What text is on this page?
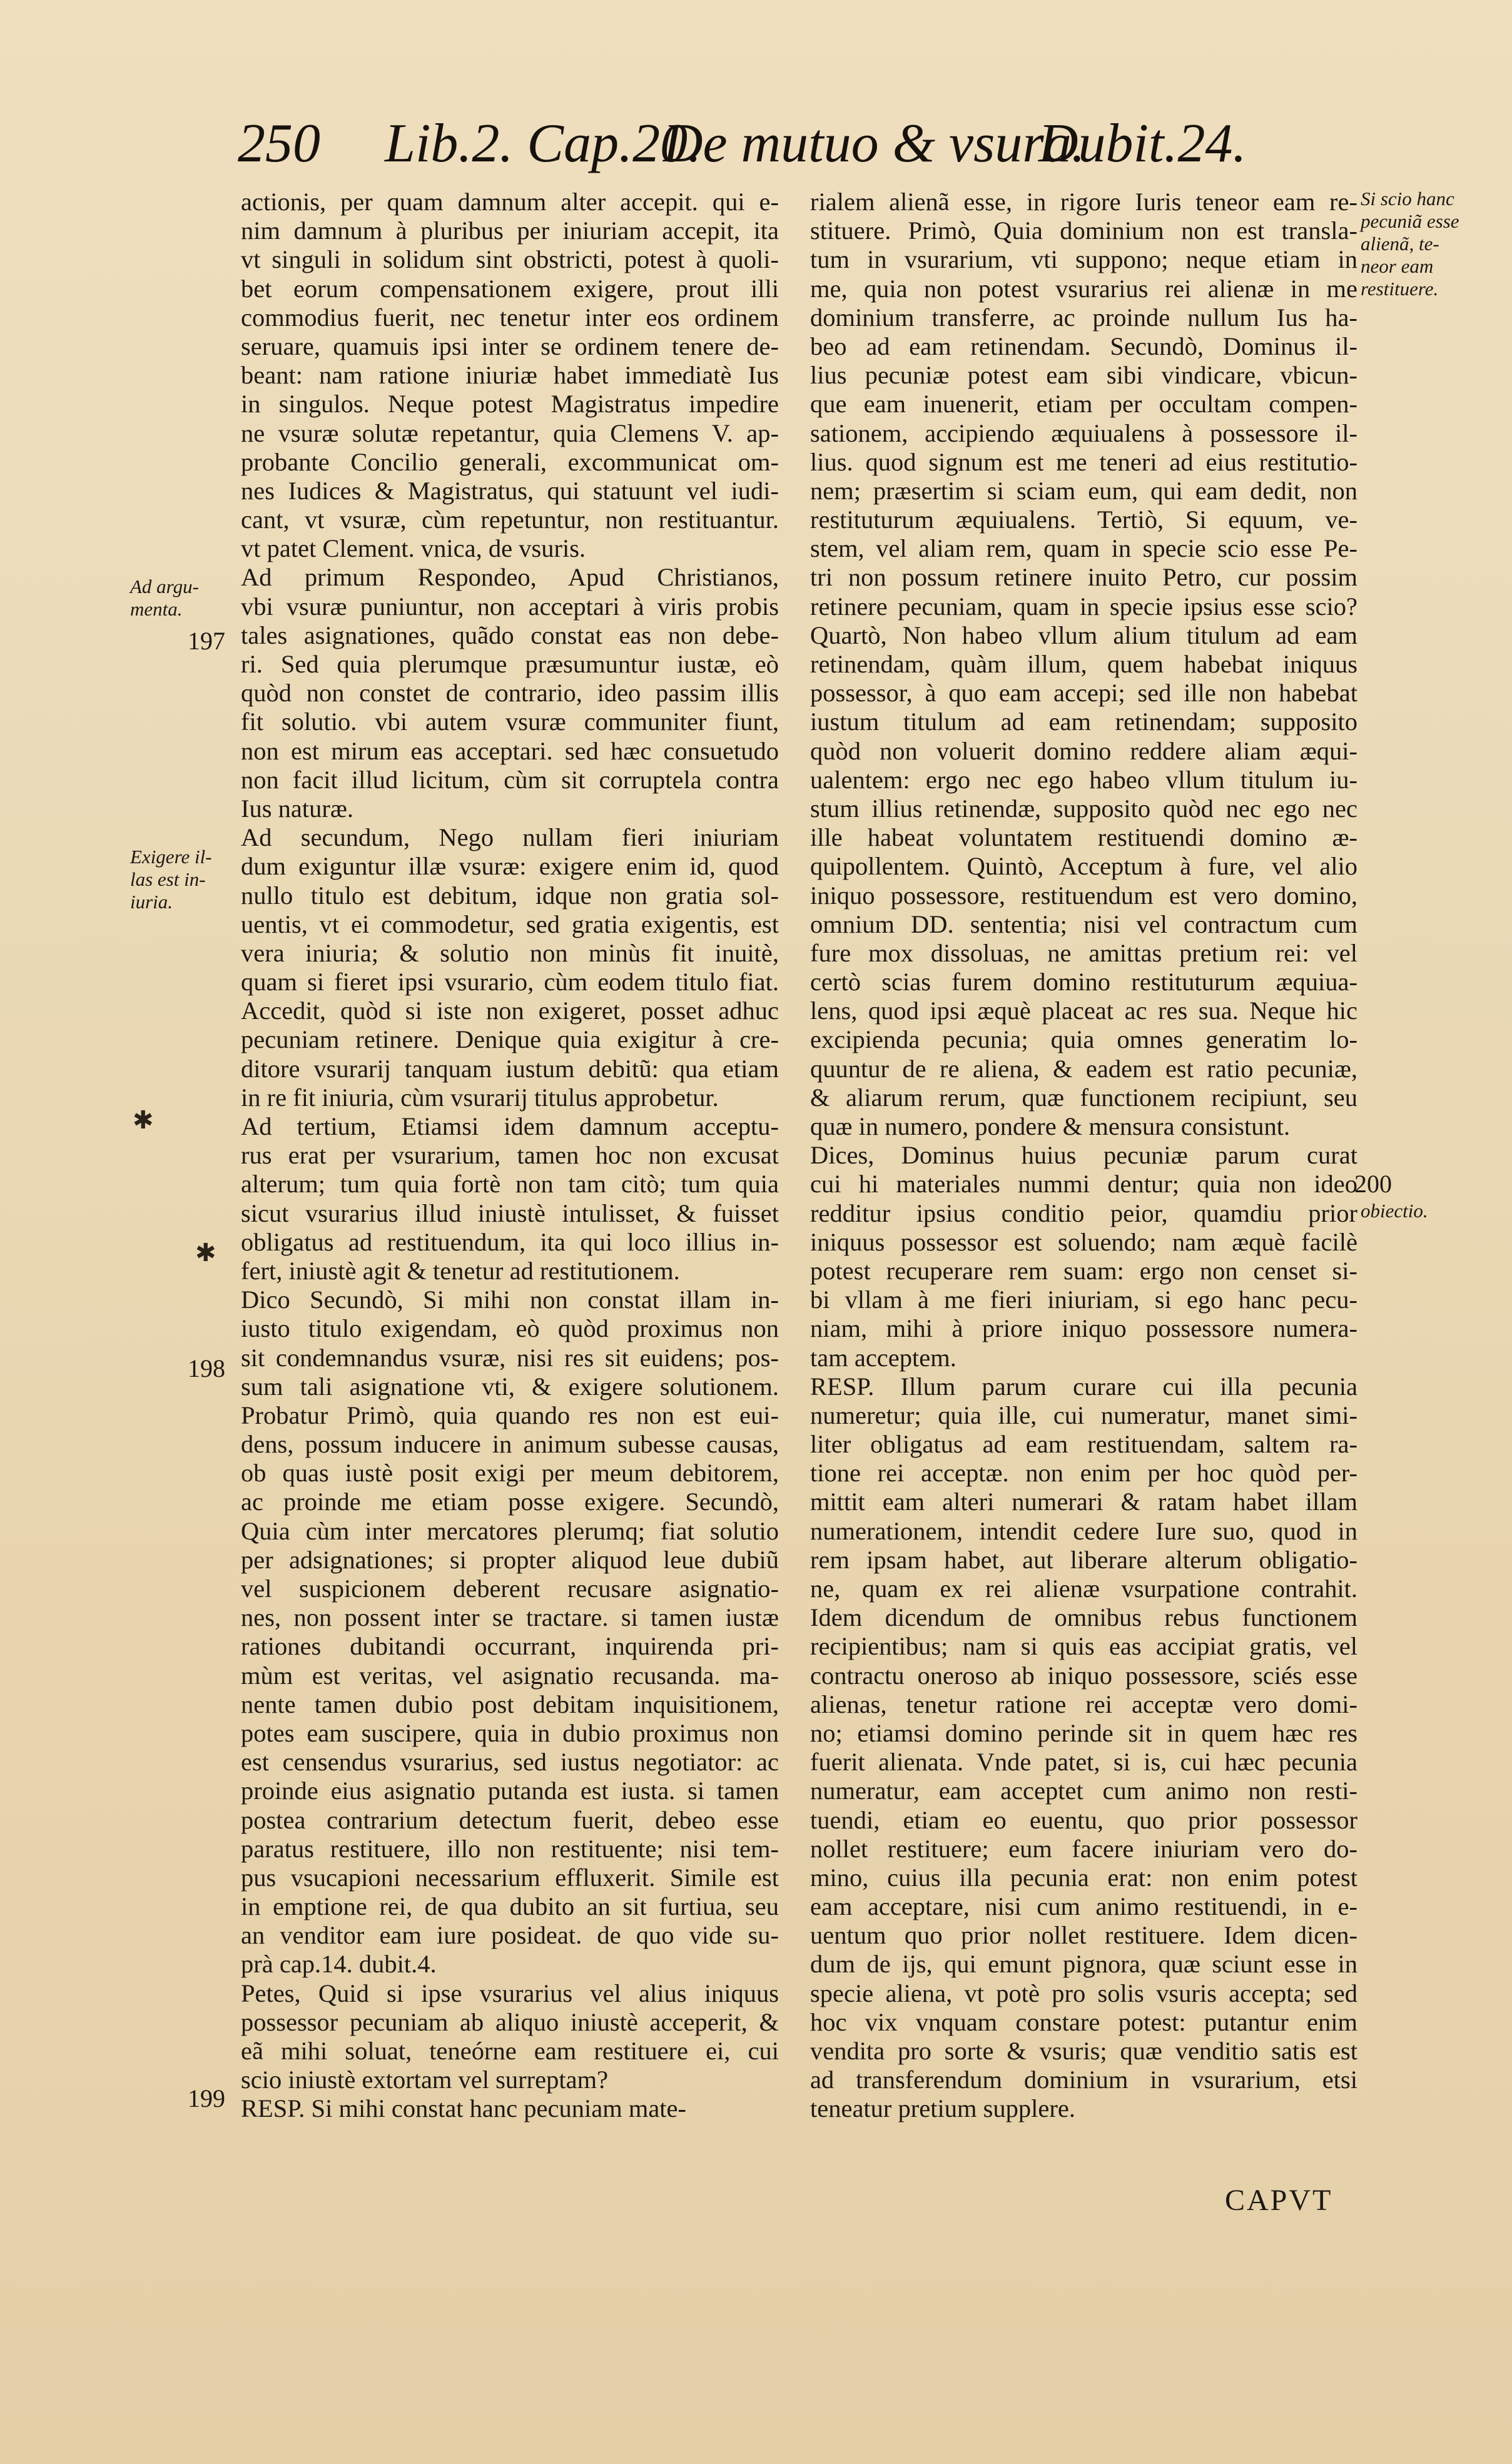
250 Lib.2. Cap.20.
De mutuo & vsura.
Dubit.24.

actionis, per quam damnum alter accepit. qui e-

nim damnum à pluribus per iniuriam accepit, ita

vt singuli in solidum sint obstricti, potest à quoli-

bet eorum compensationem exigere, prout illi

commodius fuerit, nec tenetur inter eos ordinem

seruare, quamuis ipsi inter se ordinem tenere de-

beant: nam ratione iniuriæ habet immediatè Ius

in singulos. Neque potest Magistratus impedire

ne vsuræ solutæ repetantur, quia Clemens V. ap-

probante Concilio generali, excommunicat om-

nes Iudices & Magistratus, qui statuunt vel iudi-

cant, vt vsuræ, cùm repetuntur, non restituantur.

vt patet Clement. vnica, de vsuris.

Ad primum Respondeo, Apud Christianos,

vbi vsuræ puniuntur, non acceptari à viris probis

tales asignationes, quãdo constat eas non debe-

ri. Sed quia plerumque præsumuntur iustæ, eò

quòd non constet de contrario, ideo passim illis

fit solutio. vbi autem vsuræ communiter fiunt,

non est mirum eas acceptari. sed hæc consuetudo

non facit illud licitum, cùm sit corruptela contra

Ius naturæ.

Ad secundum, Nego nullam fieri iniuriam

dum exiguntur illæ vsuræ: exigere enim id, quod

nullo titulo est debitum, idque non gratia sol-

uentis, vt ei commodetur, sed gratia exigentis, est

vera iniuria; & solutio non minùs fit inuitè,

quam si fieret ipsi vsurario, cùm eodem titulo fiat.

Accedit, quòd si iste non exigeret, posset adhuc

pecuniam retinere. Denique quia exigitur à cre-

ditore vsurarij tanquam iustum debitũ: qua etiam

in re fit iniuria, cùm vsurarij titulus approbetur.

Ad tertium, Etiamsi idem damnum acceptu-

rus erat per vsurarium, tamen hoc non excusat

alterum; tum quia fortè non tam citò; tum quia

sicut vsurarius illud iniustè intulisset, & fuisset

obligatus ad restituendum, ita qui loco illius in-

fert, iniustè agit & tenetur ad restitutionem.

Dico Secundò, Si mihi non constat illam in-

iusto titulo exigendam, eò quòd proximus non

sit condemnandus vsuræ, nisi res sit euidens; pos-

sum tali asignatione vti, & exigere solutionem.

Probatur Primò, quia quando res non est eui-

dens, possum inducere in animum subesse causas,

ob quas iustè posit exigi per meum debitorem,

ac proinde me etiam posse exigere. Secundò,

Quia cùm inter mercatores plerumq; fiat solutio

per adsignationes; si propter aliquod leue dubiũ

vel suspicionem deberent recusare asignatio-

nes, non possent inter se tractare. si tamen iustæ

rationes dubitandi occurrant, inquirenda pri-

mùm est veritas, vel asignatio recusanda. ma-

nente tamen dubio post debitam inquisitionem,

potes eam suscipere, quia in dubio proximus non

est censendus vsurarius, sed iustus negotiator: ac

proinde eius asignatio putanda est iusta. si tamen

postea contrarium detectum fuerit, debeo esse

paratus restituere, illo non restituente; nisi tem-

pus vsucapioni necessarium effluxerit. Simile est

in emptione rei, de qua dubito an sit furtiua, seu

an venditor eam iure posideat. de quo vide su-

prà cap.14. dubit.4.

Petes, Quid si ipse vsurarius vel alius iniquus

possessor pecuniam ab aliquo iniustè acceperit, &

eã mihi soluat, teneórne eam restituere ei, cui

scio iniustè extortam vel surreptam?

RESP. Si mihi constat hanc pecuniam mate-

rialem alienã esse, in rigore Iuris teneor eam re-

stituere. Primò, Quia dominium non est transla-

tum in vsurarium, vti suppono; neque etiam in

me, quia non potest vsurarius rei alienæ in me

dominium transferre, ac proinde nullum Ius ha-

beo ad eam retinendam. Secundò, Dominus il-

lius pecuniæ potest eam sibi vindicare, vbicun-

que eam inuenerit, etiam per occultam compen-

sationem, accipiendo æquiualens à possessore il-

lius. quod signum est me teneri ad eius restitutio-

nem; præsertim si sciam eum, qui eam dedit, non

restituturum æquiualens. Tertiò, Si equum, ve-

stem, vel aliam rem, quam in specie scio esse Pe-

tri non possum retinere inuito Petro, cur possim

retinere pecuniam, quam in specie ipsius esse scio?

Quartò, Non habeo vllum alium titulum ad eam

retinendam, quàm illum, quem habebat iniquus

possessor, à quo eam accepi; sed ille non habebat

iustum titulum ad eam retinendam; supposito

quòd non voluerit domino reddere aliam æqui-

ualentem: ergo nec ego habeo vllum titulum iu-

stum illius retinendæ, supposito quòd nec ego nec

ille habeat voluntatem restituendi domino æ-

quipollentem. Quintò, Acceptum à fure, vel alio

iniquo possessore, restituendum est vero domino,

omnium DD. sententia; nisi vel contractum cum

fure mox dissoluas, ne amittas pretium rei: vel

certò scias furem domino restituturum æquiua-

lens, quod ipsi æquè placeat ac res sua. Neque hic

excipienda pecunia; quia omnes generatim lo-

quuntur de re aliena, & eadem est ratio pecuniæ,

& aliarum rerum, quæ functionem recipiunt, seu

quæ in numero, pondere & mensura consistunt.

Dices, Dominus huius pecuniæ parum curat

cui hi materiales nummi dentur; quia non ideo

redditur ipsius conditio peior, quamdiu prior

iniquus possessor est soluendo; nam æquè facilè

potest recuperare rem suam: ergo non censet si-

bi vllam à me fieri iniuriam, si ego hanc pecu-

niam, mihi à priore iniquo possessore numera-

tam acceptem.

RESP. Illum parum curare cui illa pecunia

numeretur; quia ille, cui numeratur, manet simi-

liter obligatus ad eam restituendam, saltem ra-

tione rei acceptæ. non enim per hoc quòd per-

mittit eam alteri numerari & ratam habet illam

numerationem, intendit cedere Iure suo, quod in

rem ipsam habet, aut liberare alterum obligatio-

ne, quam ex rei alienæ vsurpatione contrahit.

Idem dicendum de omnibus rebus functionem

recipientibus; nam si quis eas accipiat gratis, vel

contractu oneroso ab iniquo possessore, sciés esse

alienas, tenetur ratione rei acceptæ vero domi-

no; etiamsi domino perinde sit in quem hæc res

fuerit alienata. Vnde patet, si is, cui hæc pecunia

numeratur, eam acceptet cum animo non resti-

tuendi, etiam eo euentu, quo prior possessor

nollet restituere; eum facere iniuriam vero do-

mino, cuius illa pecunia erat: non enim potest

eam acceptare, nisi cum animo restituendi, in e-

uentum quo prior nollet restituere. Idem dicen-

dum de ijs, qui emunt pignora, quæ sciunt esse in

specie aliena, vt potè pro solis vsuris accepta; sed

hoc vix vnquam constare potest: putantur enim

vendita pro sorte & vsuris; quæ venditio satis est

ad transferendum dominium in vsurarium, etsi

teneatur pretium supplere.

Ad argu-
menta.
197
Exigere il-
las est in-
iuria.
✱
✱
198
199
Si scio hanc
pecuniã esse
alienã, te-
neor eam
restituere.
200
obiectio.
CAPVT
